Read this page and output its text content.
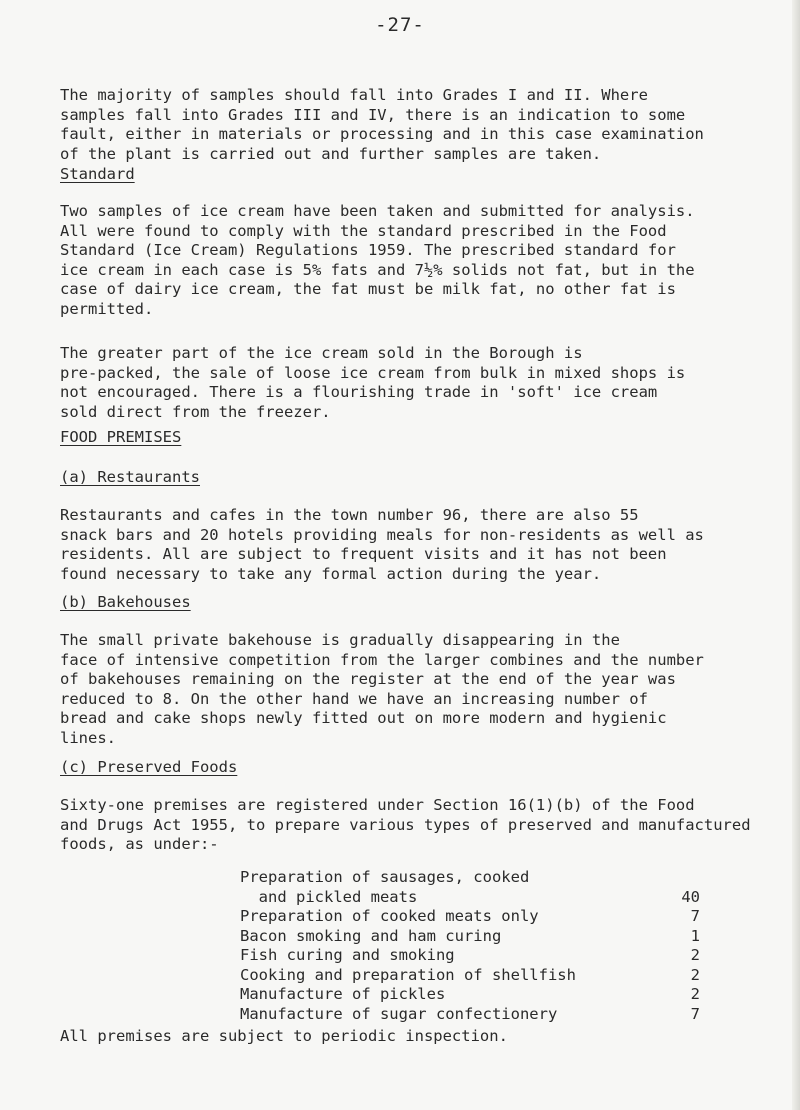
-27-

The majority of samples should fall into Grades I and II. Where
samples fall into Grades III and IV, there is an indication to some
fault, either in materials or processing and in this case examination
of the plant is carried out and further samples are taken.

Standard

Two samples of ice cream have been taken and submitted for analysis.
All were found to comply with the standard prescribed in the Food
Standard (Ice Cream) Regulations 1959. The prescribed standard for
ice cream in each case is 5% fats and 7½% solids not fat, but in the
case of dairy ice cream, the fat must be milk fat, no other fat is
permitted.

The greater part of the ice cream sold in the Borough is
pre-packed, the sale of loose ice cream from bulk in mixed shops is
not encouraged. There is a flourishing trade in 'soft' ice cream
sold direct from the freezer.

FOOD PREMISES

(a) Restaurants

Restaurants and cafes in the town number 96, there are also 55
snack bars and 20 hotels providing meals for non-residents as well as
residents. All are subject to frequent visits and it has not been
found necessary to take any formal action during the year.

(b) Bakehouses

The small private bakehouse is gradually disappearing in the
face of intensive competition from the larger combines and the number
of bakehouses remaining on the register at the end of the year was
reduced to 8. On the other hand we have an increasing number of
bread and cake shops newly fitted out on more modern and hygienic
lines.

(c) Preserved Foods

Sixty-one premises are registered under Section 16(1)(b) of the Food
and Drugs Act 1955, to prepare various types of preserved and manufactured
foods, as under:-

Preparation of sausages, cooked
and pickled meats	40
Preparation of cooked meats only	7
Bacon smoking and ham curing	1
Fish curing and smoking	2
Cooking and preparation of shellfish	2
Manufacture of pickles	2
Manufacture of sugar confectionery	7

All premises are subject to periodic inspection.
